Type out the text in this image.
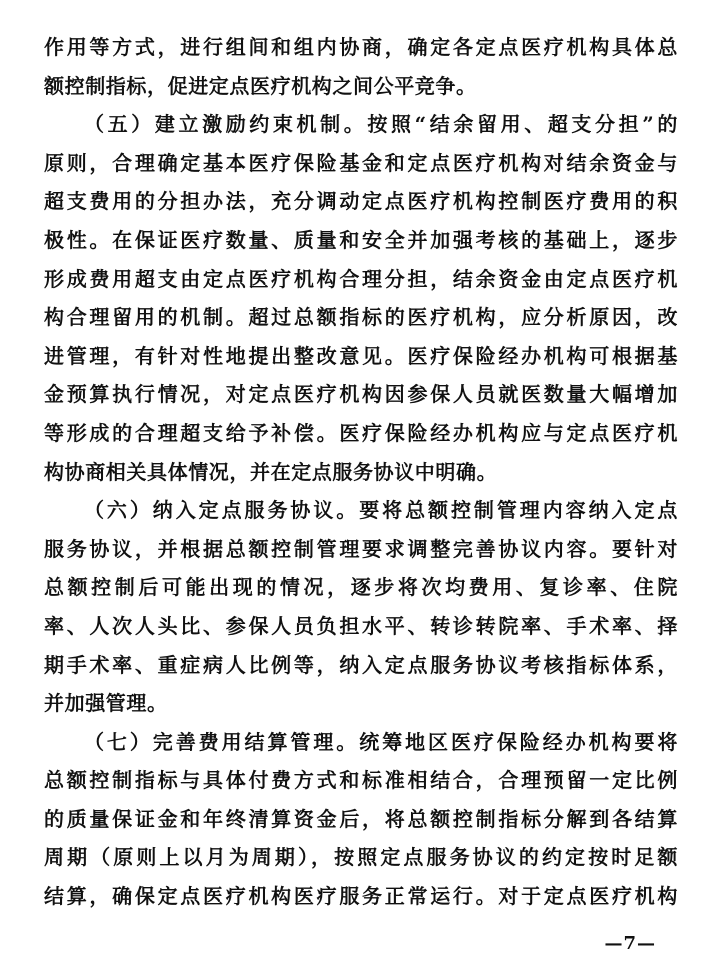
作用等方式，进行组间和组内协商，确定各定点医疗机构具体总
额控制指标，促进定点医疗机构之间公平竞争。
（五）建立激励约束机制。按照“结余留用、超支分担”的
原则，合理确定基本医疗保险基金和定点医疗机构对结余资金与
超支费用的分担办法，充分调动定点医疗机构控制医疗费用的积
极性。在保证医疗数量、质量和安全并加强考核的基础上，逐步
形成费用超支由定点医疗机构合理分担，结余资金由定点医疗机
构合理留用的机制。超过总额指标的医疗机构，应分析原因，改
进管理，有针对性地提出整改意见。医疗保险经办机构可根据基
金预算执行情况，对定点医疗机构因参保人员就医数量大幅增加
等形成的合理超支给予补偿。医疗保险经办机构应与定点医疗机
构协商相关具体情况，并在定点服务协议中明确。
（六）纳入定点服务协议。要将总额控制管理内容纳入定点
服务协议，并根据总额控制管理要求调整完善协议内容。要针对
总额控制后可能出现的情况，逐步将次均费用、复诊率、住院
率、人次人头比、参保人员负担水平、转诊转院率、手术率、择
期手术率、重症病人比例等，纳入定点服务协议考核指标体系，
并加强管理。
（七）完善费用结算管理。统筹地区医疗保险经办机构要将
总额控制指标与具体付费方式和标准相结合，合理预留一定比例
的质量保证金和年终清算资金后，将总额控制指标分解到各结算
周期（原则上以月为周期），按照定点服务协议的约定按时足额
结算，确保定点医疗机构医疗服务正常运行。对于定点医疗机构
—7—
